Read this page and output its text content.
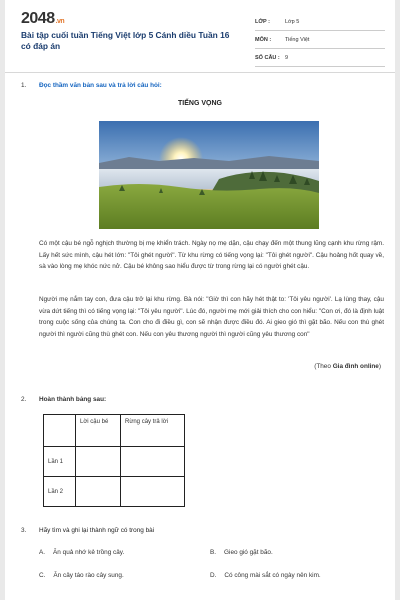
2048.vn
Bài tập cuối tuần Tiếng Việt lớp 5 Cánh diều Tuần 16 có đáp án
LỚP :	Lớp 5
MÔN :	Tiếng Việt
SỐ CÂU : 9
1. Đọc thầm văn bản sau và trả lời câu hỏi:
TIẾNG VỌNG
Có một cậu bé ngỗ nghịch thường bị mẹ khiển trách. Ngày nọ mẹ dặn, cậu chạy đến một thung lũng cạnh khu rừng rậm. Lấy hết sức mình, cậu hét lớn: "Tôi ghét người". Từ khu rừng có tiếng vọng lại: "Tôi ghét người". Cậu hoảng hốt quay về, sà vào lòng mẹ khóc nức nở. Cậu bé không sao hiểu được từ trong rừng lại có người ghét cậu.
Người mẹ nắm tay con, đưa cậu trở lại khu rừng. Bà nói: "Giờ thì con hãy hét thật to: 'Tôi yêu người'. Lạ lùng thay, cậu vừa dứt tiếng thì có tiếng vọng lại: "Tôi yêu người". Lúc đó, người mẹ mới giải thích cho con hiểu: "Con ơi, đó là định luật trong cuộc sống của chúng ta. Con cho đi điều gì, con sẽ nhận được điều đó. Ai gieo gió thì gặt bão. Nếu con thù ghét người thì người cũng thù ghét con. Nếu con yêu thương người thì người cũng yêu thương con"
(Theo Gia đình online)
2. Hoàn thành bảng sau:
	Lời cậu bé	Rừng cây trả lời
Lần 1		
Lần 2		
3. Hãy tìm và ghi lại thành ngữ có trong bài
A. Ăn quả nhớ kẻ trồng cây.	B. Gieo gió gặt bão.
C. Ăn cây táo rào cây sung.	D. Có công mài sắt có ngày nên kim.
